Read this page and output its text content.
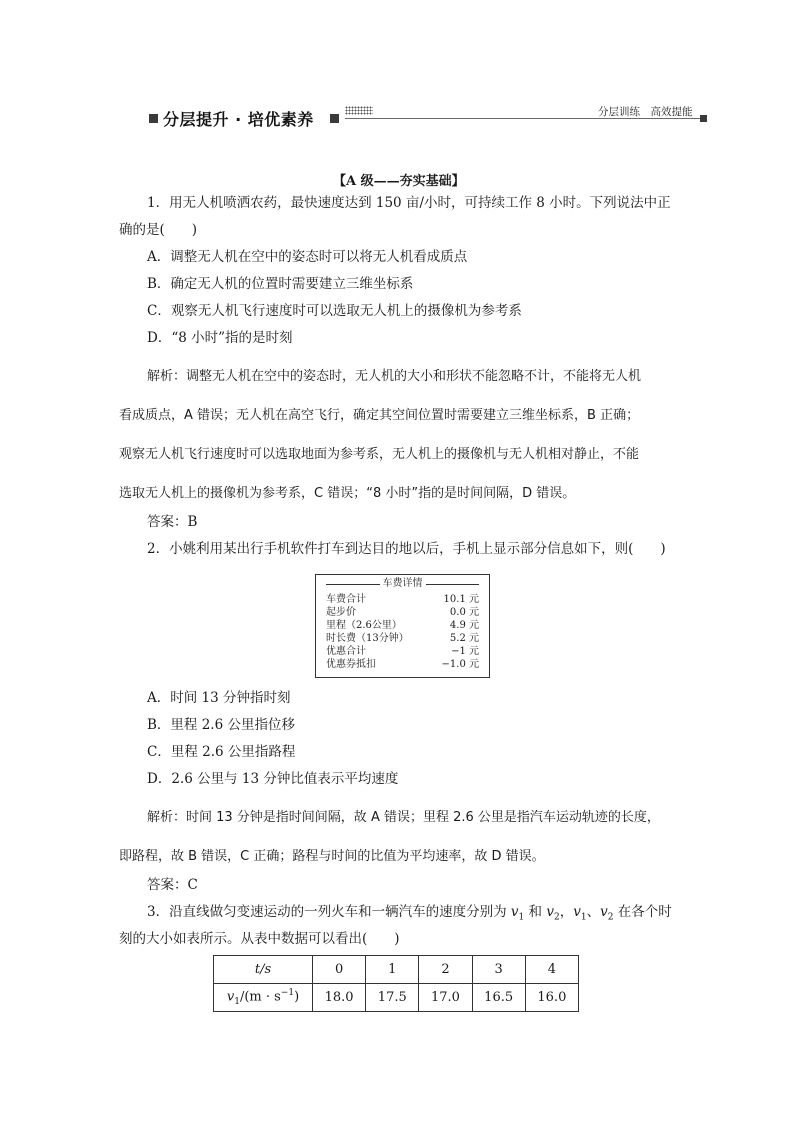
分层提升 · 培优素养	分层训练　高效提能
【A 级——夯实基础】
1．用无人机喷洒农药，最快速度达到 150 亩/小时，可持续工作 8 小时。下列说法中正
确的是(　　)
A．调整无人机在空中的姿态时可以将无人机看成质点
B．确定无人机的位置时需要建立三维坐标系
C．观察无人机飞行速度时可以选取无人机上的摄像机为参考系
D．“8 小时”指的是时刻
解析：调整无人机在空中的姿态时，无人机的大小和形状不能忽略不计，不能将无人机
看成质点，A 错误；无人机在高空飞行，确定其空间位置时需要建立三维坐标系，B 正确；
观察无人机飞行速度时可以选取地面为参考系，无人机上的摄像机与无人机相对静止，不能
选取无人机上的摄像机为参考系，C 错误；“8 小时”指的是时间间隔，D 错误。
答案：B
2．小姚利用某出行手机软件打车到达目的地以后，手机上显示部分信息如下，则(　　)
车费详情
车费合计	10.1 元
起步价	0.0 元
里程（2.6公里）	4.9 元
时长费（13分钟）	5.2 元
优惠合计	−1 元
优惠券抵扣	−1.0 元
A．时间 13 分钟指时刻
B．里程 2.6 公里指位移
C．里程 2.6 公里指路程
D．2.6 公里与 13 分钟比值表示平均速度
解析：时间 13 分钟是指时间间隔，故 A 错误；里程 2.6 公里是指汽车运动轨迹的长度，
即路程，故 B 错误，C 正确；路程与时间的比值为平均速率，故 D 错误。
答案：C
3．沿直线做匀变速运动的一列火车和一辆汽车的速度分别为 $v_1$ 和 $v_2$，$v_1$、$v_2$ 在各个时
刻的大小如表所示。从表中数据可以看出(　　)
t/s	0	1	2	3	4
$v_1/(m \cdot s^{-1})$	18.0	17.5	17.0	16.5	16.0
